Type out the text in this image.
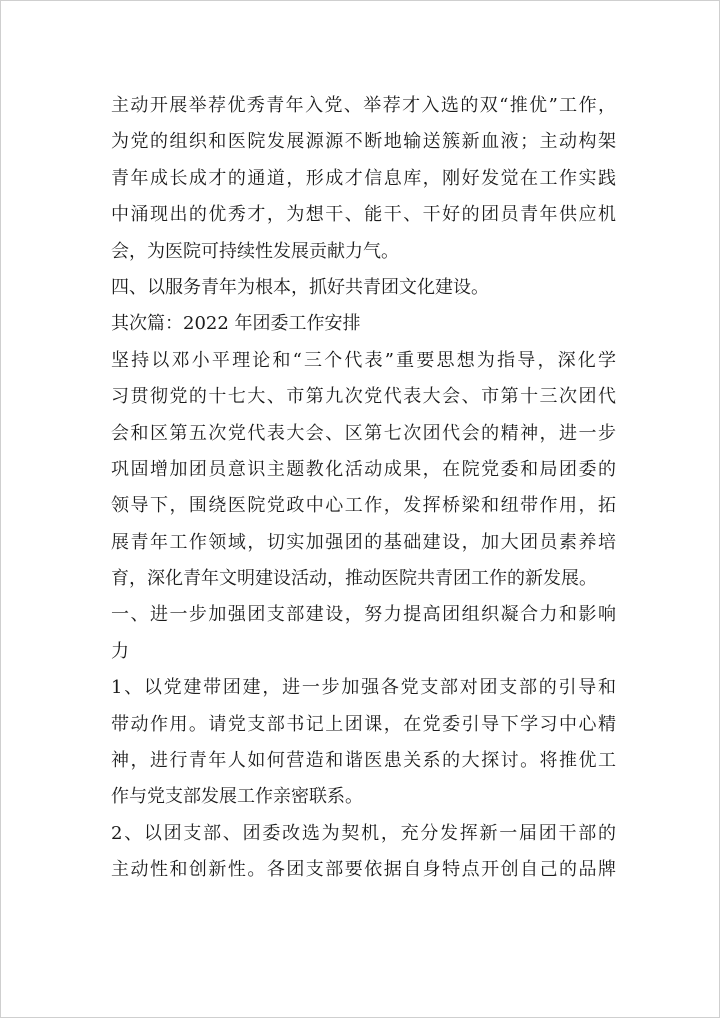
主动开展举荐优秀青年入党、举荐才入选的双“推优”工作，
为党的组织和医院发展源源不断地输送簇新血液；主动构架
青年成长成才的通道，形成才信息库，刚好发觉在工作实践
中涌现出的优秀才，为想干、能干、干好的团员青年供应机
会，为医院可持续性发展贡献力气。
四、以服务青年为根本，抓好共青团文化建设。
其次篇：2022 年团委工作安排
坚持以邓小平理论和“三个代表”重要思想为指导，深化学
习贯彻党的十七大、市第九次党代表大会、市第十三次团代
会和区第五次党代表大会、区第七次团代会的精神，进一步
巩固增加团员意识主题教化活动成果，在院党委和局团委的
领导下，围绕医院党政中心工作，发挥桥梁和纽带作用，拓
展青年工作领域，切实加强团的基础建设，加大团员素养培
育，深化青年文明建设活动，推动医院共青团工作的新发展。
一、进一步加强团支部建设，努力提高团组织凝合力和影响
力
1、以党建带团建，进一步加强各党支部对团支部的引导和
带动作用。请党支部书记上团课，在党委引导下学习中心精
神，进行青年人如何营造和谐医患关系的大探讨。将推优工
作与党支部发展工作亲密联系。
2、以团支部、团委改选为契机，充分发挥新一届团干部的
主动性和创新性。各团支部要依据自身特点开创自己的品牌
